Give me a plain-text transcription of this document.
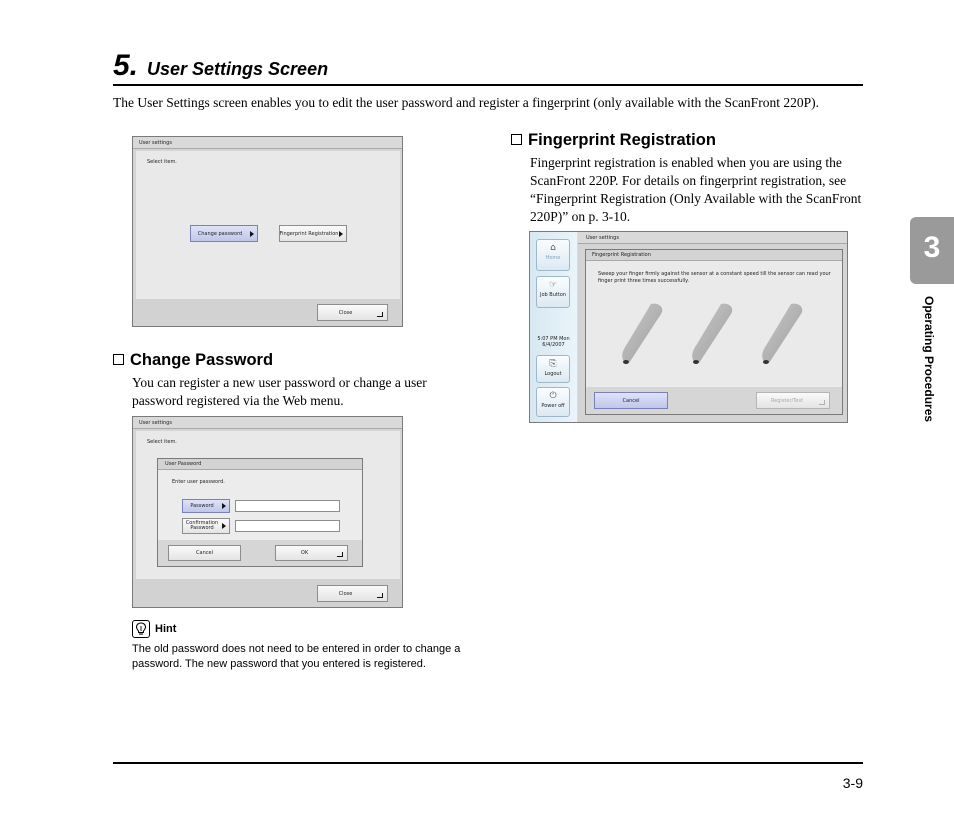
5. User Settings Screen
The User Settings screen enables you to edit the user password and register a fingerprint (only available with the ScanFront 220P).
User settings
Select item.
Change password	Fingerprint Registration
Close
Change Password
You can register a new user password or change a user password registered via the Web menu.
User settings
Select item.
User Password
Enter user password.
Password
Confirmation
Password
Cancel	OK
Close
Hint
The old password does not need to be entered in order to change a password. The new password that you entered is registered.
Fingerprint Registration
Fingerprint registration is enabled when you are using the ScanFront 220P. For details on fingerprint registration, see “Fingerprint Registration (Only Available with the ScanFront 220P)” on p. 3-10.
⌂
Home
☞
Job Button
5:07 PM Mon
6/4/2007
⎘
Logout
⏻
Power off
User settings
Fingerprint Registration
Sweep your finger firmly against the sensor at a constant speed till the sensor can read your finger print three times successfully.
Cancel	Register/Test
3
Operating Procedures
3-9
